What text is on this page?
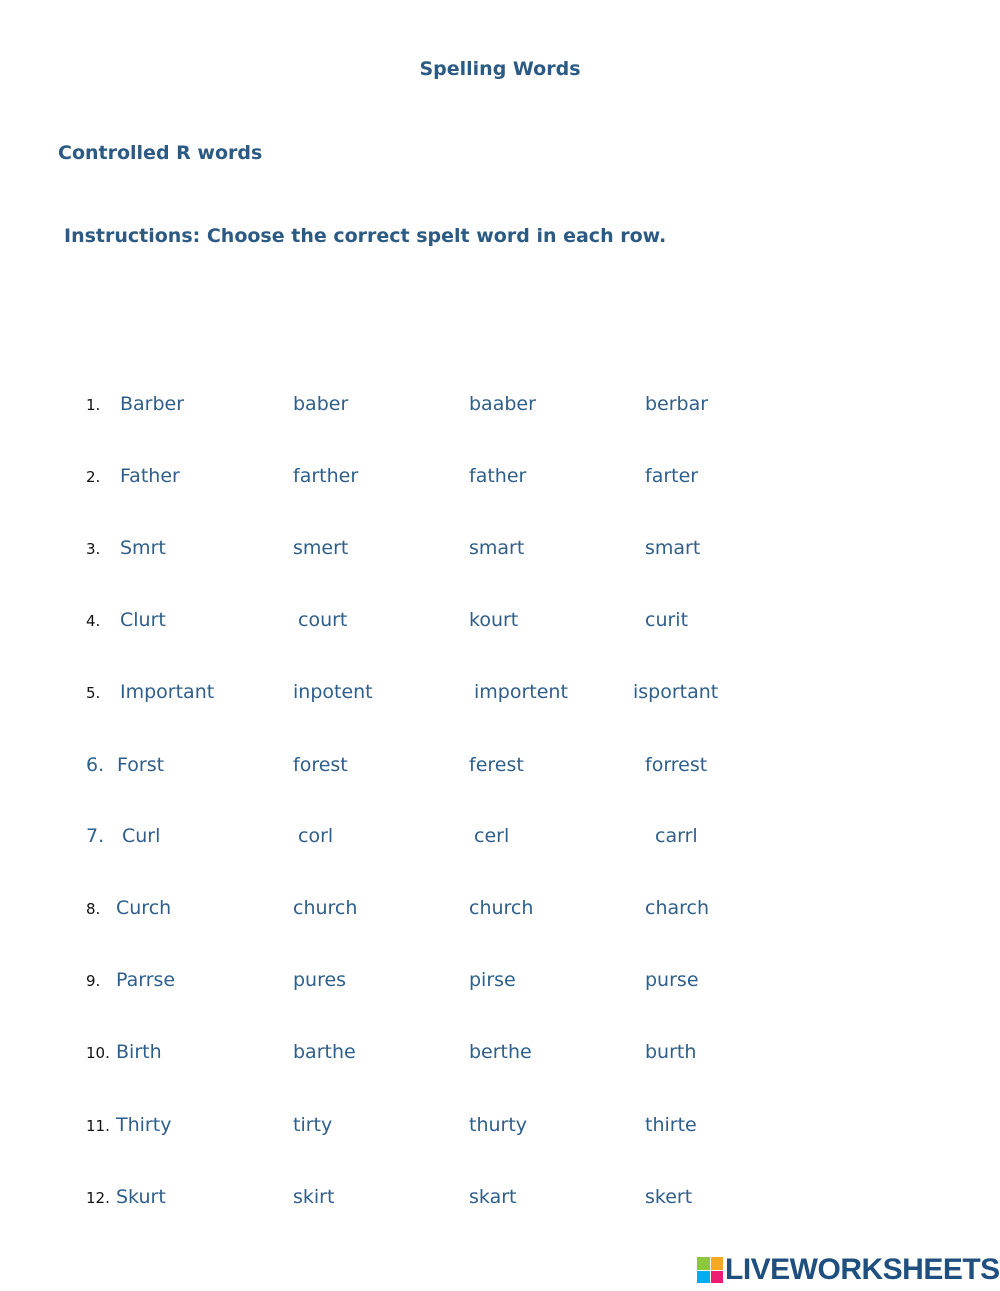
Spelling Words
Controlled R words
Instructions: Choose the correct spelt word in each row.
1. Barber	baber	baaber	berbar
2. Father	farther	father	farter
3. Smrt	smert	smart	smart
4. Clurt	court	kourt	curit
5. Important	inpotent	importent	isportant
6. Forst	forest	ferest	forrest
7. Curl	corl	cerl	carrl
8. Curch	church	church	charch
9. Parrse	pures	pirse	purse
10. Birth	barthe	berthe	burth
11. Thirty	tirty	thurty	thirte
12. Skurt	skirt	skart	skert
LIVEWORKSHEETS
